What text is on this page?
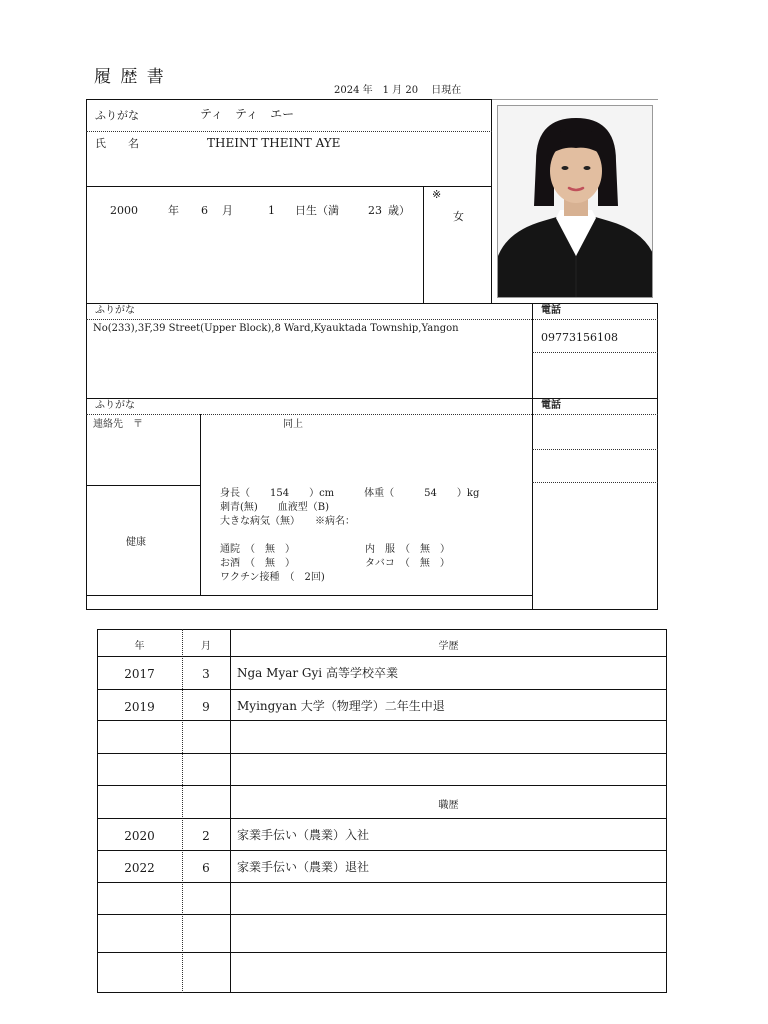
履 歴 書
2024 年　1 月 20　 日現在
ふりがな	ティ　ティ　エー
氏　　名	THEINT THEINT AYE
2000	年 6 月	1 日生（満	23 歳）
※
女
ふりがな
No(233),3F,39 Street(Upper Block),8 Ward,Kyauktada Township,Yangon
電話
09773156108
ふりがな	電話
連絡先　〒	同上
健康
身長（　　154　　）cm　　　体重（　　　54　　）kg
刺青(無)　　血液型（B)
大きな病気（無）　　※病名：
通院　（　無　）	内　服　（　無　）
お酒　（　無　）	タバコ　（　無　）
ワクチン接種　（　2回)
年	月	学歴
2017	3	Nga Myar Gyi 高等学校卒業
2019	9	Myingyan 大学（物理学）二年生中退
職歴
2020	2	家業手伝い（農業）入社
2022	6	家業手伝い（農業）退社
